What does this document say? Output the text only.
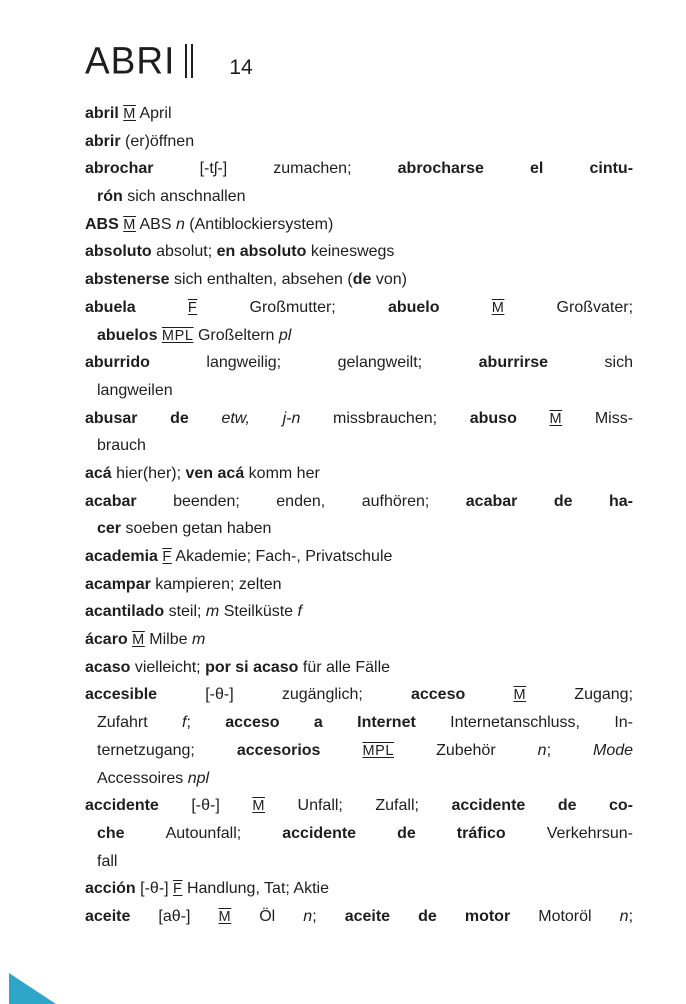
ABRI	14
abril M April
abrir (er)öffnen
abrochar [-tʃ-] zumachen; abrocharse el cintu-
rón sich anschnallen
ABS M ABS n (Antiblockiersystem)
absoluto absolut; en absoluto keineswegs
abstenerse sich enthalten, absehen (de von)
abuela F Großmutter; abuelo M Großvater;
abuelos MPL Großeltern pl
aburrido langweilig; gelangweilt; aburrirse sich
langweilen
abusar de etw, j-n missbrauchen; abuso M Miss-
brauch
acá hier(her); ven acá komm her
acabar beenden; enden, aufhören; acabar de ha-
cer soeben getan haben
academia F Akademie; Fach-, Privatschule
acampar kampieren; zelten
acantilado steil; m Steilküste f
ácaro M Milbe m
acaso vielleicht; por si acaso für alle Fälle
accesible [-θ-] zugänglich; acceso M Zugang;
Zufahrt f; acceso a Internet Internetanschluss, In-
ternetzugang; accesorios MPL Zubehör n; Mode
Accessoires npl
accidente [-θ-] M Unfall; Zufall; accidente de co-
che Autounfall; accidente de tráfico Verkehrsun-
fall
acción [-θ-] F Handlung, Tat; Aktie
aceite [aθ-] M Öl n; aceite de motor Motoröl n;
